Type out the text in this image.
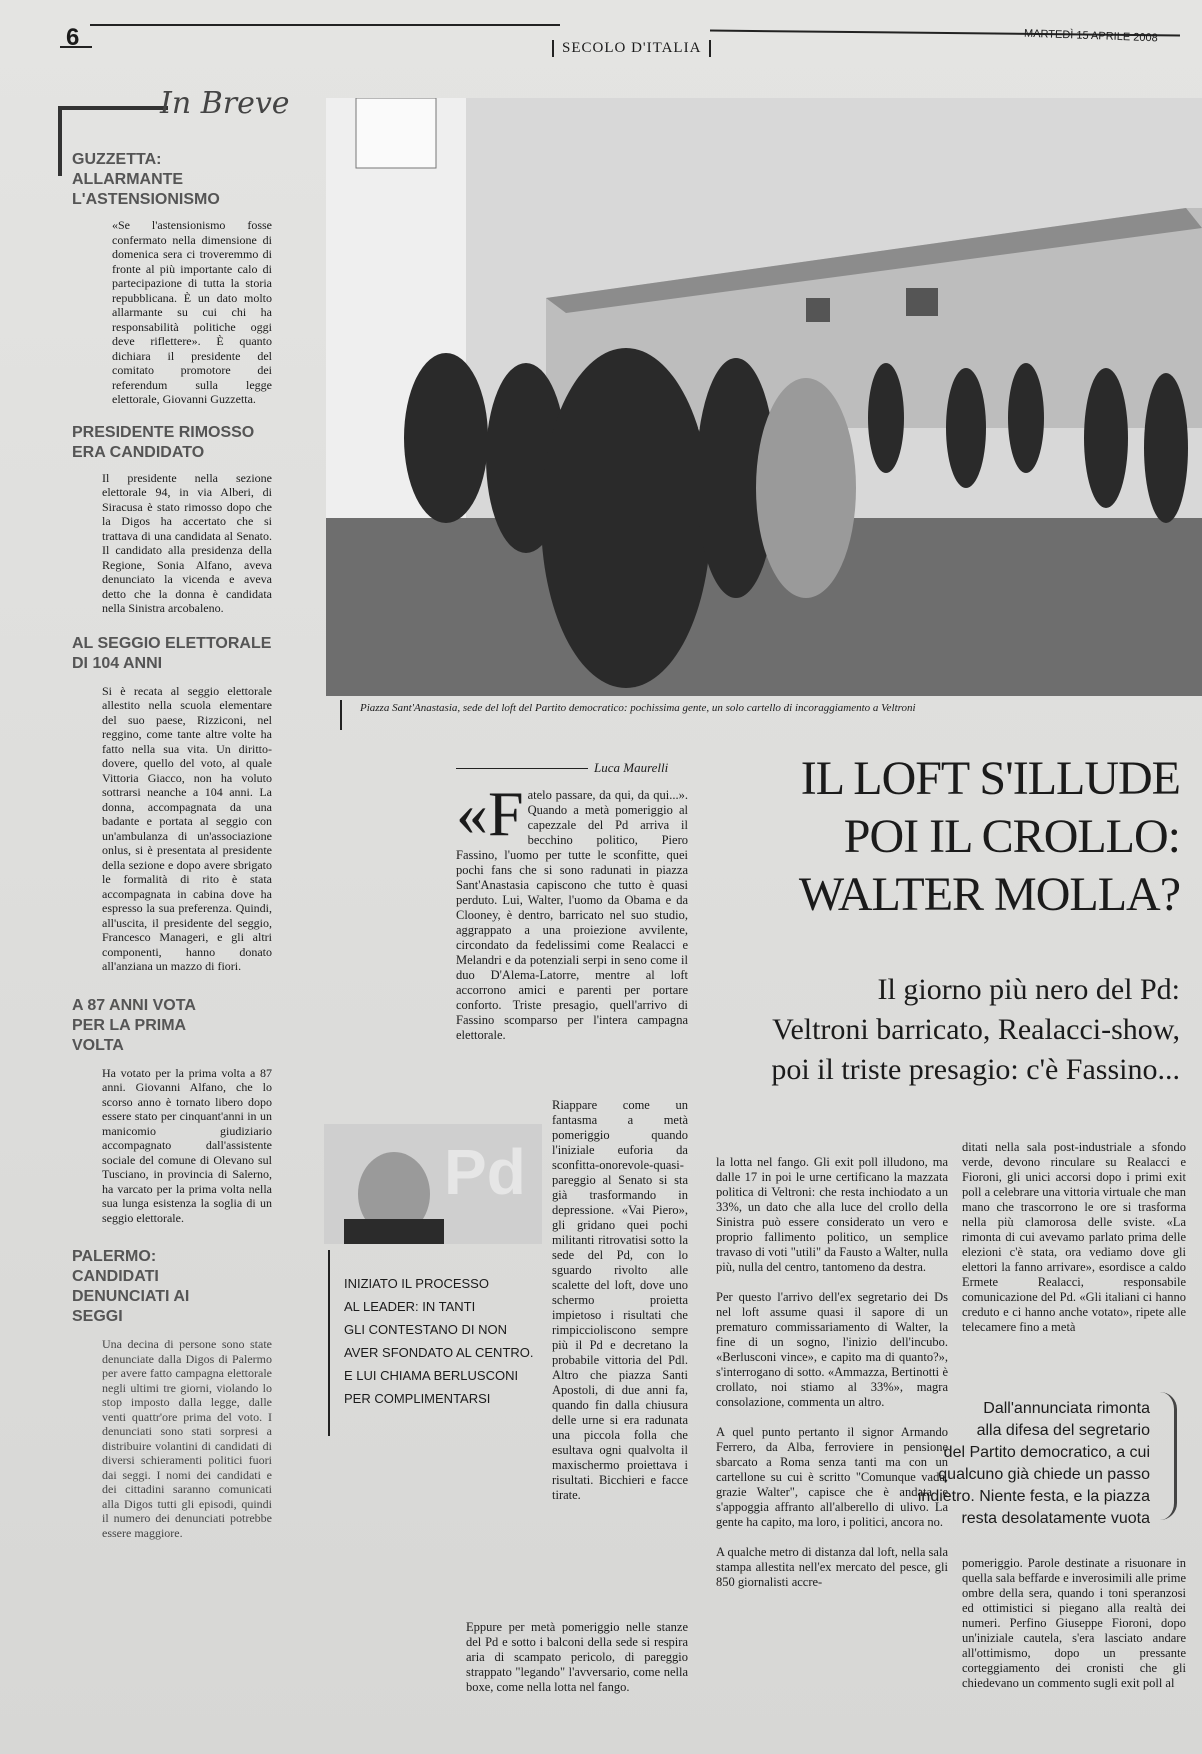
6	SECOLO D'ITALIA
MARTEDÌ 15 APRILE 2008
In Breve
GUZZETTA: ALLARMANTE L'ASTENSIONISMO
«Se l'astensionismo fosse confermato nella dimensione di domenica sera ci troveremmo di fronte al più importante calo di partecipazione di tutta la storia repubblicana. È un dato molto allarmante su cui chi ha responsabilità politiche oggi deve riflettere». È quanto dichiara il presidente del comitato promotore dei referendum sulla legge elettorale, Giovanni Guzzetta.
PRESIDENTE RIMOSSO ERA CANDIDATO
Il presidente nella sezione elettorale 94, in via Alberi, di Siracusa è stato rimosso dopo che la Digos ha accertato che si trattava di una candidata al Senato. Il candidato alla presidenza della Regione, Sonia Alfano, aveva denunciato la vicenda e aveva detto che la donna è candidata nella Sinistra arcobaleno.
AL SEGGIO ELETTORALE DI 104 ANNI
Si è recata al seggio elettorale allestito nella scuola elementare del suo paese, Rizziconi, nel reggino, come tante altre volte ha fatto nella sua vita. Un diritto-dovere, quello del voto, al quale Vittoria Giacco, non ha voluto sottrarsi neanche a 104 anni. La donna, accompagnata da una badante e portata al seggio con un'ambulanza di un'associazione onlus, si è presentata al presidente della sezione e dopo avere sbrigato le formalità di rito è stata accompagnata in cabina dove ha espresso la sua preferenza. Quindi, all'uscita, il presidente del seggio, Francesco Manageri, e gli altri componenti, hanno donato all'anziana un mazzo di fiori.
A 87 ANNI VOTA PER LA PRIMA VOLTA
Ha votato per la prima volta a 87 anni. Giovanni Alfano, che lo scorso anno è tornato libero dopo essere stato per cinquant'anni in un manicomio giudiziario accompagnato dall'assistente sociale del comune di Olevano sul Tusciano, in provincia di Salerno, ha varcato per la prima volta nella sua lunga esistenza la soglia di un seggio elettorale.
PALERMO: CANDIDATI DENUNCIATI AI SEGGI
Una decina di persone sono state denunciate dalla Digos di Palermo per avere fatto campagna elettorale negli ultimi tre giorni, violando lo stop imposto dalla legge, dalle venti quattr'ore prima del voto. I denunciati sono stati sorpresi a distribuire volantini di candidati di diversi schieramenti politici fuori dai seggi. I nomi dei candidati e dei cittadini saranno comunicati alla Digos tutti gli episodi, quindi il numero dei denunciati potrebbe essere maggiore.
Piazza Sant'Anastasia, sede del loft del Partito democratico: pochissima gente, un solo cartello di incoraggiamento a Veltroni
Luca Maurelli	IL LOFT S'ILLUDE
POI IL CROLLO:
WALTER MOLLA?
Il giorno più nero del Pd:
Veltroni barricato, Realacci-show,
poi il triste presagio: c'è Fassino...
«Fatelo passare, da qui, da qui...». Quando a metà pomeriggio al capezzale del Pd arriva il becchino politico, Piero Fassino, l'uomo per tutte le sconfitte, quei pochi fans che si sono radunati in piazza Sant'Anastasia capiscono che tutto è quasi perduto. Lui, Walter, l'uomo da Obama e da Clooney, è dentro, barricato nel suo studio, aggrappato a una proiezione avvilente, circondato da fedelissimi come Realacci e Melandri e da potenziali serpi in seno come il duo D'Alema-Latorre, mentre al loft accorrono amici e parenti per portare conforto. Triste presagio, quell'arrivo di Fassino scomparso per l'intera campagna elettorale.
Riappare come un fantasma a metà pomeriggio quando l'iniziale euforia da sconfitta-onorevole-quasi-pareggio al Senato si sta già trasformando in depressione. «Vai Piero», gli gridano quei pochi militanti ritrovatisi sotto la sede del Pd, con lo sguardo rivolto alle scalette del loft, dove uno schermo proietta impietoso i risultati che rimpiccioliscono sempre più il Pd e decretano la probabile vittoria del Pdl. Altro che piazza Santi Apostoli, di due anni fa, quando fin dalla chiusura delle urne si era radunata una piccola folla che esultava ogni qualvolta il maxischermo proiettava i risultati. Bicchieri e facce tirate.
Eppure per metà pomeriggio nelle stanze del Pd e sotto i balconi della sede si respira aria di scampato pericolo, di pareggio strappato "legando" l'avversario, come nella boxe, come nella lotta nel fango.
Pd
INIZIATO IL PROCESSO
AL LEADER: IN TANTI
GLI CONTESTANO DI NON
AVER SFONDATO AL CENTRO.
E LUI CHIAMA BERLUSCONI
PER COMPLIMENTARSI

la lotta nel fango. Gli exit poll illudono, ma dalle 17 in poi le urne certificano la mazzata politica di Veltroni: che resta inchiodato a un 33%, un dato che alla luce del crollo della Sinistra può essere considerato un vero e proprio fallimento politico, un semplice travaso di voti "utili" da Fausto a Walter, nulla più, nulla del centro, tantomeno da destra.

Per questo l'arrivo dell'ex segretario dei Ds nel loft assume quasi il sapore di un prematuro commissariamento di Walter, la fine di un sogno, l'inizio dell'incubo. «Berlusconi vince», e capito ma di quanto?», s'interrogano di sotto. «Ammazza, Bertinotti è crollato, noi stiamo al 33%», magra consolazione, commenta un altro.

A quel punto pertanto il signor Armando Ferrero, da Alba, ferroviere in pensione sbarcato a Roma senza tanti ma con un cartellone su cui è scritto "Comunque vada, grazie Walter", capisce che è andata e s'appoggia affranto all'alberello di ulivo. La gente ha capito, ma loro, i politici, ancora no.

A qualche metro di distanza dal loft, nella sala stampa allestita nell'ex mercato del pesce, gli 850 giornalisti accre-

ditati nella sala post-industriale a sfondo verde, devono rinculare su Realacci e Fioroni, gli unici accorsi dopo i primi exit poll a celebrare una vittoria virtuale che man mano che trascorrono le ore si trasforma nella più clamorosa delle sviste. «La rimonta di cui avevamo parlato prima delle elezioni c'è stata, ora vediamo dove gli elettori la fanno arrivare», esordisce a caldo Ermete Realacci, responsabile comunicazione del Pd. «Gli italiani ci hanno creduto e ci hanno anche votato», ripete alle telecamere fino a metà
Dall'annunciata rimonta
alla difesa del segretario
del Partito democratico, a cui
qualcuno già chiede un passo
indietro. Niente festa, e la piazza
resta desolatamente vuota
pomeriggio. Parole destinate a risuonare in quella sala beffarde e inverosimili alle prime ombre della sera, quando i toni speranzosi ed ottimistici si piegano alla realtà dei numeri. Perfino Giuseppe Fioroni, dopo un'iniziale cautela, s'era lasciato andare all'ottimismo, dopo un pressante corteggiamento dei cronisti che gli chiedevano un commento sugli exit poll al
